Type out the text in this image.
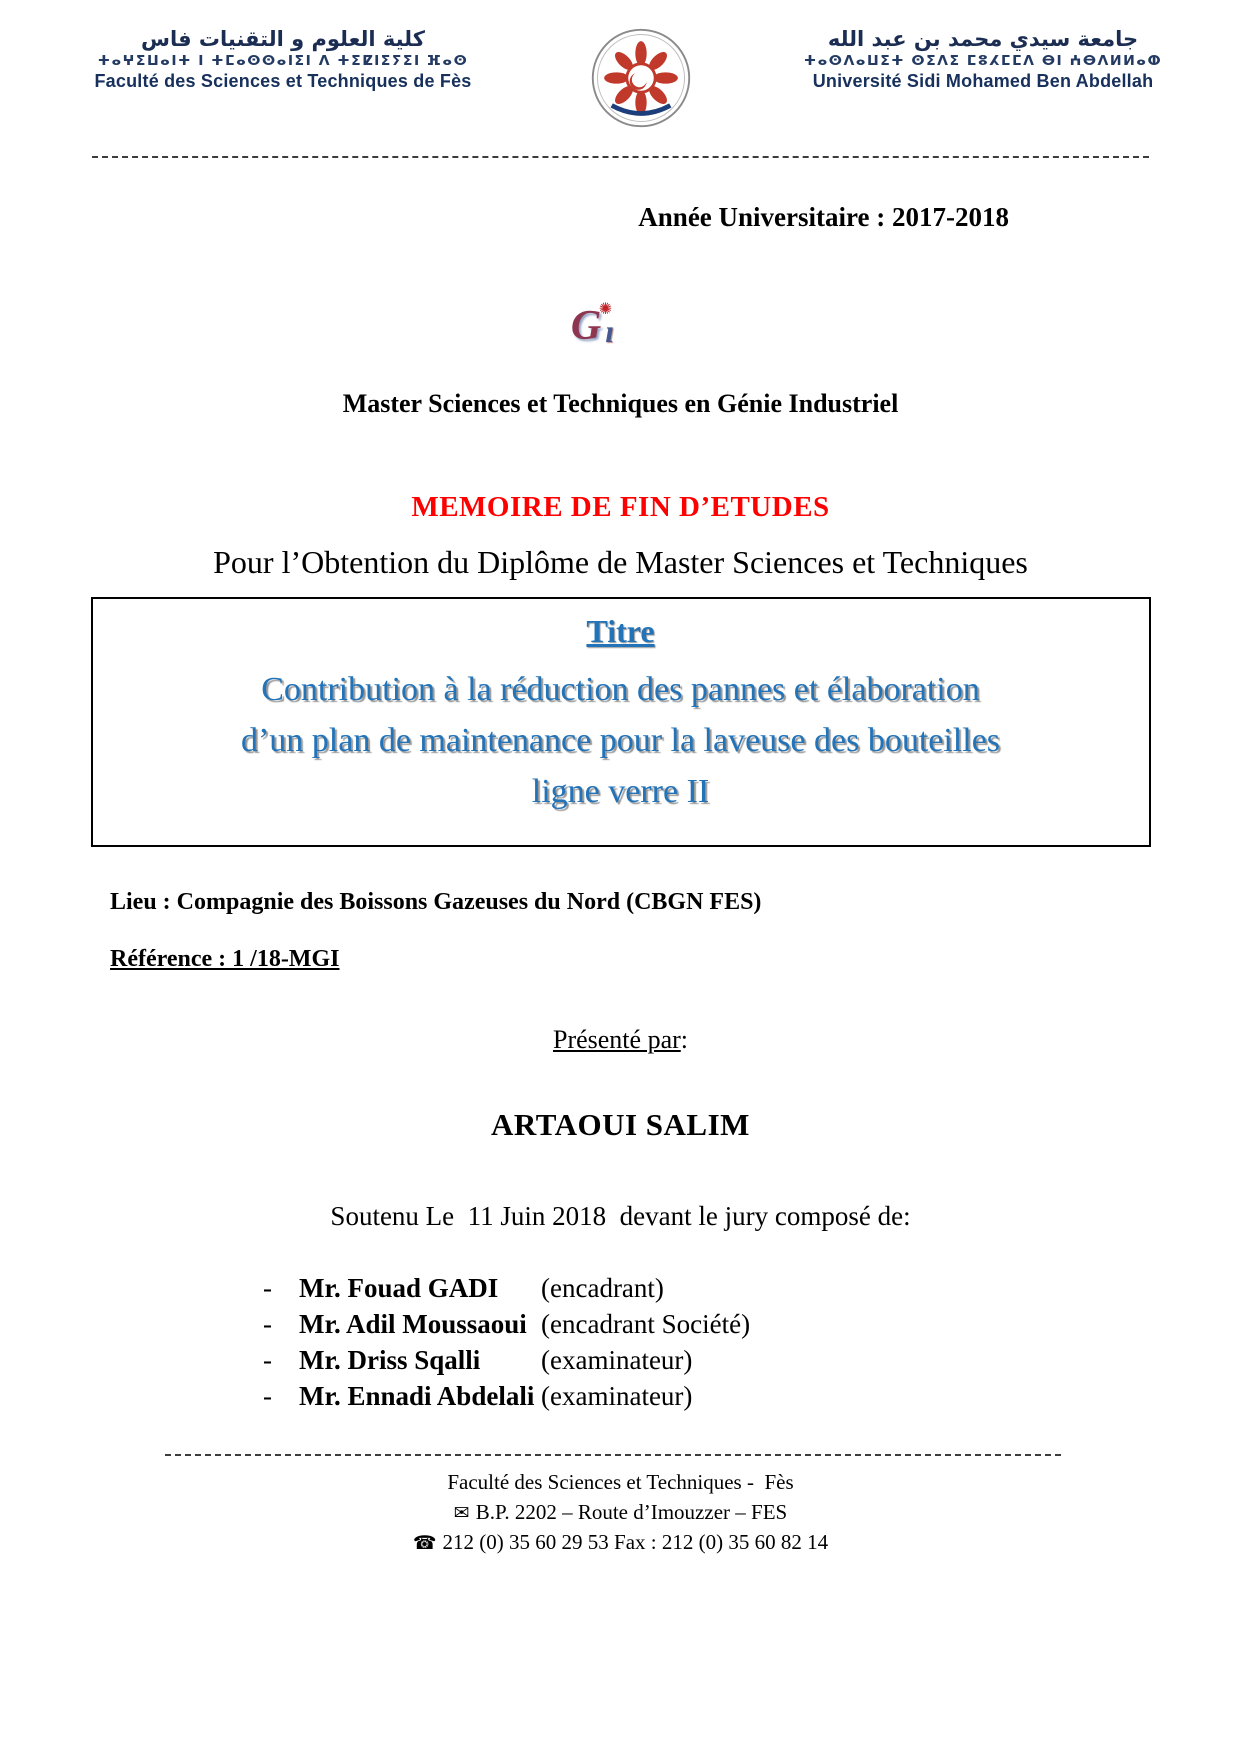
كلية العلوم و التقنيات فاس
ⵜⴰⵖⵉⵡⴰⵏⵜ ⵏ ⵜⵎⴰⵙⵙⴰⵏⵉⵏ ⴷ ⵜⵉⵇⵏⵉⵢⵉⵏ ⴼⴰⵙ
Faculté des Sciences et Techniques de Fès
جامعة سيدي محمد بن عبد الله
ⵜⴰⵙⴷⴰⵡⵉⵜ ⵙⵉⴷⵉ ⵎⵓⵃⵎⵎⴷ ⴱⵏ ⵄⴱⴷⵍⵍⴰⵀ
Université Sidi Mohamed Ben Abdellah
Année Universitaire : 2017-2018
G ı
✺
Master Sciences et Techniques en Génie Industriel
MEMOIRE DE FIN D’ETUDES
Pour l’Obtention du Diplôme de Master Sciences et Techniques
Titre
Contribution à la réduction des pannes et élaboration
d’un plan de maintenance pour la laveuse des bouteilles
ligne verre II
Lieu : Compagnie des Boissons Gazeuses du Nord (CBGN FES)
Référence : 1 /18-MGI
Présenté par:
ARTAOUI SALIM
Soutenu Le  11 Juin 2018  devant le jury composé de:
-	Mr. Fouad GADI	(encadrant)
-	Mr. Adil Moussaoui (encadrant Société)
-	Mr. Driss Sqalli	(examinateur)
-	Mr. Ennadi Abdelali (examinateur)
Faculté des Sciences et Techniques -  Fès
✉ B.P. 2202 – Route d’Imouzzer – FES
☎ 212 (0) 35 60 29 53 Fax : 212 (0) 35 60 82 14
